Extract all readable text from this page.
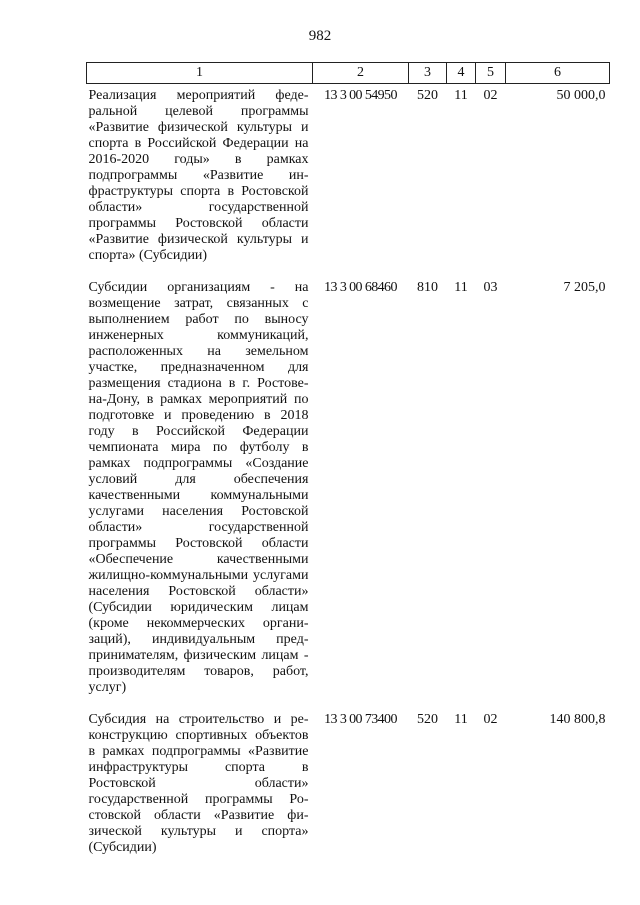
982
1	2	3	4	5	6
Реализация мероприятий федеральной целевой программы «Развитие физической культуры и спорта в Российской Федерации на 2016-2020 годы» в рамках подпрограммы «Развитие инфраструктуры спорта в Ростовской области» государственной программы Ростовской области «Развитие физической культуры и спорта» (Субсидии)	13 3 00 54950	520	11	02	50 000,0
Субсидии организациям - на возмещение затрат, связанных с выполнением работ по выносу инженерных коммуникаций, расположенных на земельном участке, предназначенном для размещения стадиона в г. Ростове-на-Дону, в рамках мероприятий по подготовке и проведению в 2018 году в Российской Федерации чемпионата мира по футболу в рамках подпрограммы «Создание условий для обеспечения качественными коммунальными услугами населения Ростовской области» государственной программы Ростовской области «Обеспечение качественными жилищно-коммунальными услугами населения Ростовской области» (Субсидии юридическим лицам (кроме некоммерческих организаций), индивидуальным предпринимателям, физическим лицам - производителям товаров, работ, услуг)	13 3 00 68460	810	11	03	7 205,0
Субсидия на строительство и реконструкцию спортивных объектов в рамках подпрограммы «Развитие инфраструктуры спорта в Ростовской области» государственной программы Ростовской области «Развитие физической культуры и спорта» (Субсидии)	13 3 00 73400	520	11	02	140 800,8
